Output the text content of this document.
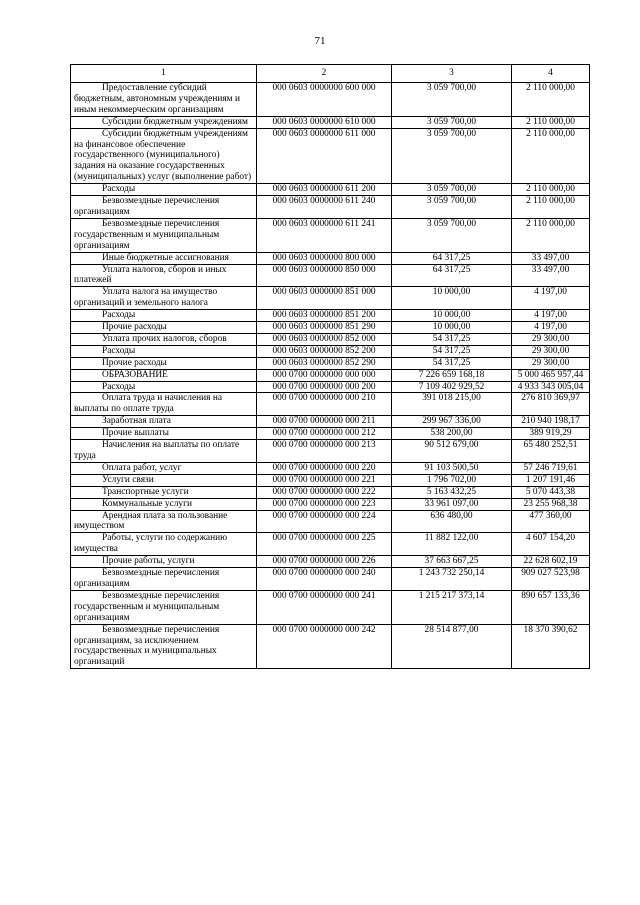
71
1	2	3	4

Предоставление субсидий бюджетным, автономным учреждениям и иным некоммерческим организациям	000 0603 0000000 600 000	3 059 700,00	2 110 000,00

Субсидии бюджетным учреждениям	000 0603 0000000 610 000	3 059 700,00	2 110 000,00

Субсидии бюджетным учреждениям на финансовое обеспечение государственного (муниципального) задания на оказание государственных (муниципальных) услуг (выполнение работ)	000 0603 0000000 611 000	3 059 700,00	2 110 000,00

Расходы	000 0603 0000000 611 200	3 059 700,00	2 110 000,00

Безвозмездные перечисления организациям	000 0603 0000000 611 240	3 059 700,00	2 110 000,00

Безвозмездные перечисления государственным и муниципальным организациям	000 0603 0000000 611 241	3 059 700,00	2 110 000,00

Иные бюджетные ассигнования	000 0603 0000000 800 000	64 317,25	33 497,00

Уплата налогов, сборов и иных платежей	000 0603 0000000 850 000	64 317,25	33 497,00

Уплата налога на имущество организаций и земельного налога	000 0603 0000000 851 000	10 000,00	4 197,00

Расходы	000 0603 0000000 851 200	10 000,00	4 197,00

Прочие расходы	000 0603 0000000 851 290	10 000,00	4 197,00

Уплата прочих налогов, сборов	000 0603 0000000 852 000	54 317,25	29 300,00

Расходы	000 0603 0000000 852 200	54 317,25	29 300,00

Прочие расходы	000 0603 0000000 852 290	54 317,25	29 300,00

ОБРАЗОВАНИЕ	000 0700 0000000 000 000	7 226 659 168,18	5 000 465 957,44

Расходы	000 0700 0000000 000 200	7 109 402 929,52	4 933 343 005,04

Оплата труда и начисления на выплаты по оплате труда	000 0700 0000000 000 210	391 018 215,00	276 810 369,97

Заработная плата	000 0700 0000000 000 211	299 967 336,00	210 940 198,17

Прочие выплаты	000 0700 0000000 000 212	538 200,00	389 919,29

Начисления на выплаты по оплате труда	000 0700 0000000 000 213	90 512 679,00	65 480 252,51

Оплата работ, услуг	000 0700 0000000 000 220	91 103 500,50	57 246 719,61

Услуги связи	000 0700 0000000 000 221	1 796 702,00	1 207 191,46

Транспортные услуги	000 0700 0000000 000 222	5 163 432,25	5 070 443,38

Коммунальные услуги	000 0700 0000000 000 223	33 961 097,00	23 255 968,38

Арендная плата за пользование имуществом	000 0700 0000000 000 224	636 480,00	477 360,00

Работы, услуги по содержанию имущества	000 0700 0000000 000 225	11 882 122,00	4 607 154,20

Прочие работы, услуги	000 0700 0000000 000 226	37 663 667,25	22 628 602,19

Безвозмездные перечисления организациям	000 0700 0000000 000 240	1 243 732 250,14	909 027 523,98

Безвозмездные перечисления государственным и муниципальным организациям	000 0700 0000000 000 241	1 215 217 373,14	890 657 133,36

Безвозмездные перечисления организациям, за исключением государственных и муниципальных организаций	000 0700 0000000 000 242	28 514 877,00	18 370 390,62
